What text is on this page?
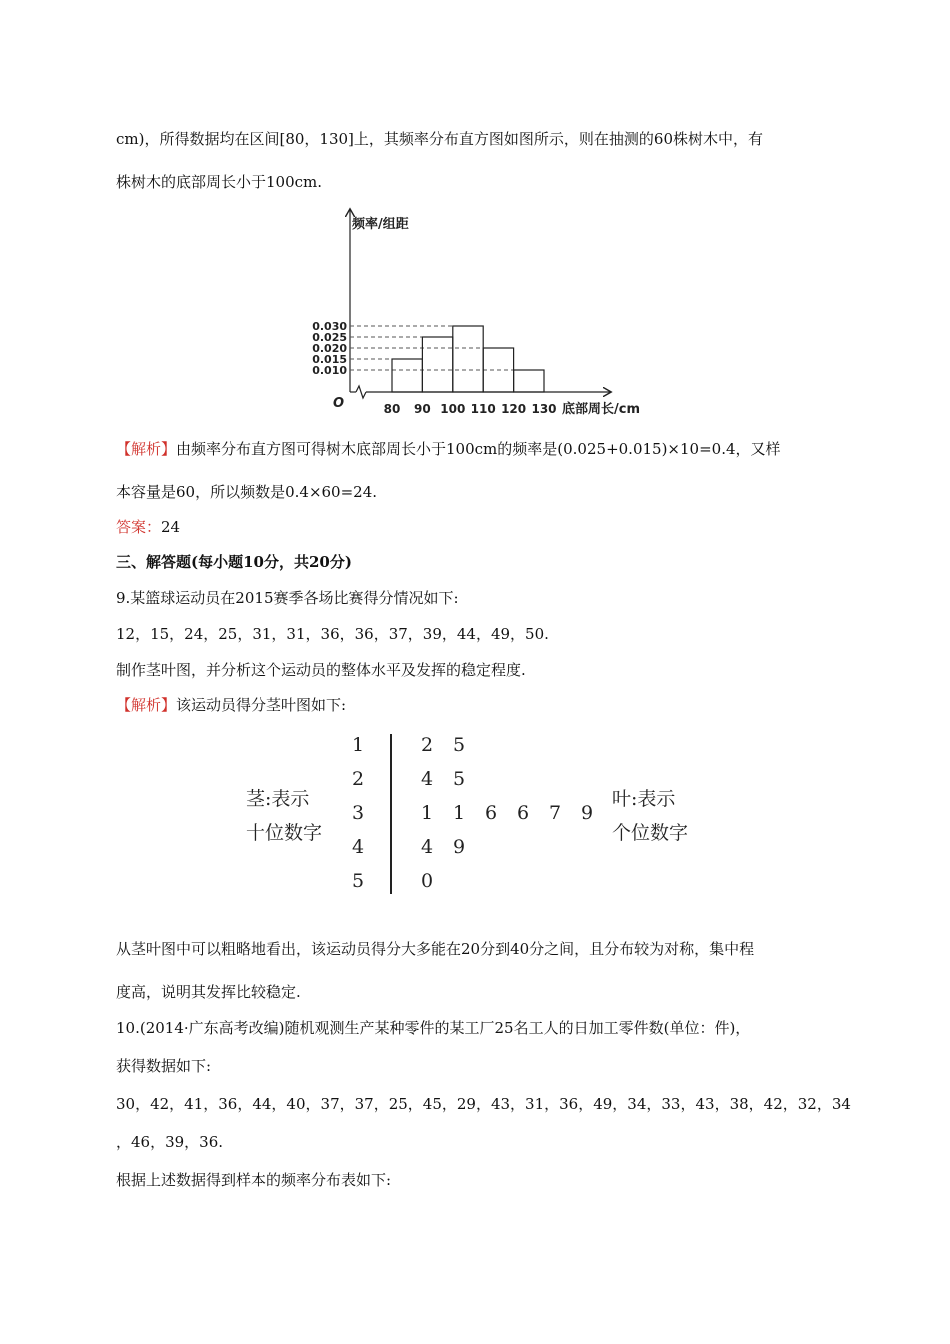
cm)，所得数据均在区间[80，130]上，其频率分布直方图如图所示，则在抽测的60株树木中，有
株树木的底部周长小于100cm.
0.030
0.025
0.020
0.015
0.010
80 90 100 110 120 130
频率/组距
底部周长/cm
O
【解析】由频率分布直方图可得树木底部周长小于100cm的频率是(0.025+0.015)×10=0.4，又样
本容量是60，所以频数是0.4×60=24.
答案：24
三、解答题(每小题10分，共20分)
9.某篮球运动员在2015赛季各场比赛得分情况如下:
12，15，24，25，31，31，36，36，37，39，44，49，50.
制作茎叶图，并分析这个运动员的整体水平及发挥的稳定程度.
【解析】该运动员得分茎叶图如下:
茎:表示
十位数字
1
2
3
4
5
2 5
4 5
1 1 6 6 7 9
4 9
0
叶:表示
个位数字
从茎叶图中可以粗略地看出，该运动员得分大多能在20分到40分之间，且分布较为对称，集中程
度高，说明其发挥比较稳定.
10.(2014·广东高考改编)随机观测生产某种零件的某工厂25名工人的日加工零件数(单位：件)，
获得数据如下:
30，42，41，36，44，40，37，37，25，45，29，43，31，36，49，34，33，43，38，42，32，34
，46，39，36.
根据上述数据得到样本的频率分布表如下:
